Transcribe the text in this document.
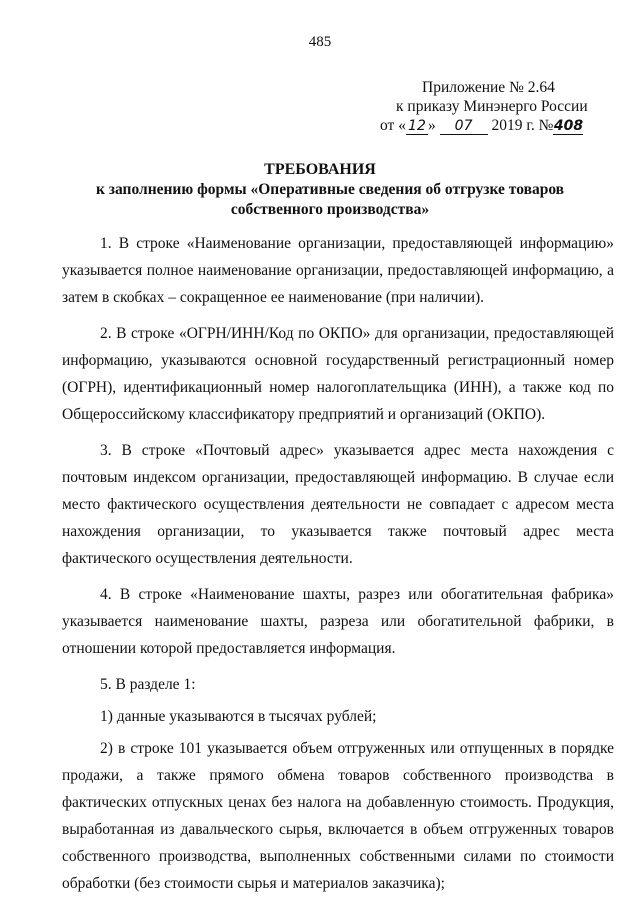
485
Приложение № 2.64
к приказу Минэнерго России
от « 12 » 07 2019 г. №408
ТРЕБОВАНИЯ
к заполнению формы «Оперативные сведения об отгрузке товаров собственного производства»

1. В строке «Наименование организации, предоставляющей информацию» указывается полное наименование организации, предоставляющей информацию, а затем в скобках – сокращенное ее наименование (при наличии).

2. В строке «ОГРН/ИНН/Код по ОКПО» для организации, предоставляющей информацию, указываются основной государственный регистрационный номер (ОГРН), идентификационный номер налогоплательщика (ИНН), а также код по Общероссийскому классификатору предприятий и организаций (ОКПО).

3. В строке «Почтовый адрес» указывается адрес места нахождения с почтовым индексом организации, предоставляющей информацию. В случае если место фактического осуществления деятельности не совпадает с адресом места нахождения организации, то указывается также почтовый адрес места фактического осуществления деятельности.

4. В строке «Наименование шахты, разрез или обогатительная фабрика» указывается наименование шахты, разреза или обогатительной фабрики, в отношении которой предоставляется информация.

5. В разделе 1:

1) данные указываются в тысячах рублей;

2) в строке 101 указывается объем отгруженных или отпущенных в порядке продажи, а также прямого обмена товаров собственного производства в фактических отпускных ценах без налога на добавленную стоимость. Продукция, выработанная из давальческого сырья, включается в объем отгруженных товаров собственного производства, выполненных собственными силами по стоимости обработки (без стоимости сырья и материалов заказчика);
